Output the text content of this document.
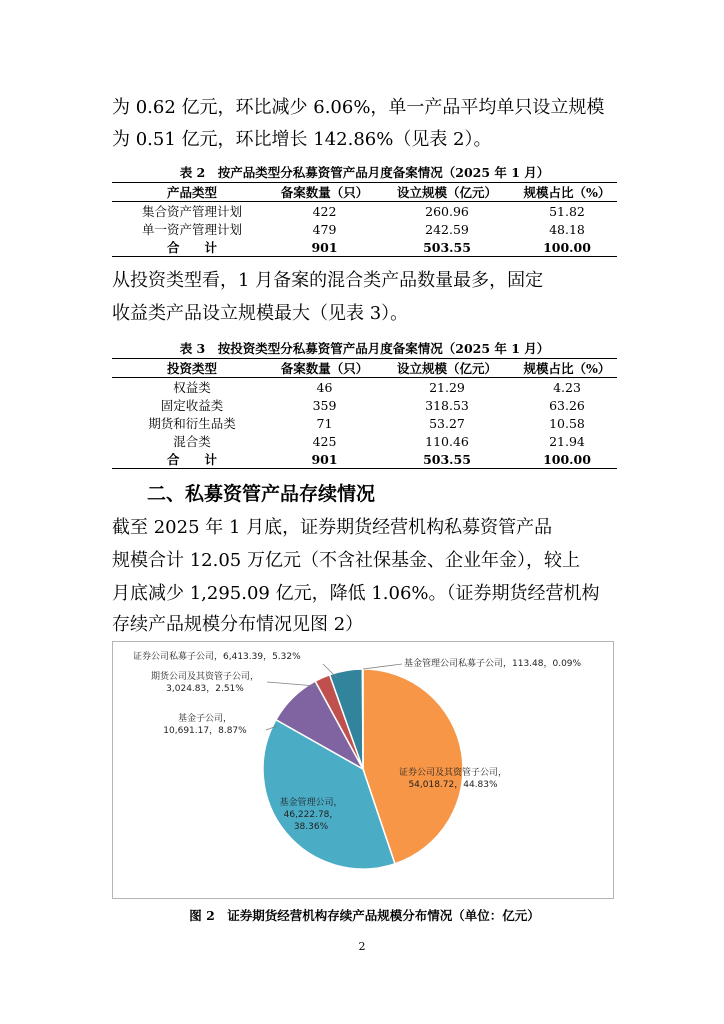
为 0.62 亿元，环比减少 6.06%，单一产品平均单只设立规模

为 0.51 亿元，环比增长 142.86%（见表 2）。

表 2　按产品类型分私募资管产品月度备案情况（2025 年 1 月）
产品类型	备案数量（只）	设立规模（亿元）	规模占比（%）
集合资产管理计划	422	260.96	51.82
单一资产管理计划	479	242.59	48.18
合　　计	901	503.55	100.00

从投资类型看，1 月备案的混合类产品数量最多，固定

收益类产品设立规模最大（见表 3）。

表 3　按投资类型分私募资管产品月度备案情况（2025 年 1 月）
投资类型	备案数量（只）	设立规模（亿元）	规模占比（%）
权益类	46	21.29	4.23
固定收益类	359	318.53	63.26
期货和衍生品类	71	53.27	10.58
混合类	425	110.46	21.94
合　　计	901	503.55	100.00
二、私募资管产品存续情况

截至 2025 年 1 月底，证券期货经营机构私募资管产品

规模合计 12.05 万亿元（不含社保基金、企业年金），较上

月底减少 1,295.09 亿元，降低 1.06%。（证券期货经营机构

存续产品规模分布情况见图 2）

证券公司及其资管子公司， 54,018.72，44.83%
基金管理公司， 46,222.78， 38.36%
基金子公司， 10,691.17，8.87%
期货公司及其资管子公司， 3,024.83，2.51%
证券公司私募子公司，6,413.39，5.32%
基金管理公司私募子公司，113.48，0.09%
图 2　证券期货经营机构存续产品规模分布情况（单位：亿元）
2
